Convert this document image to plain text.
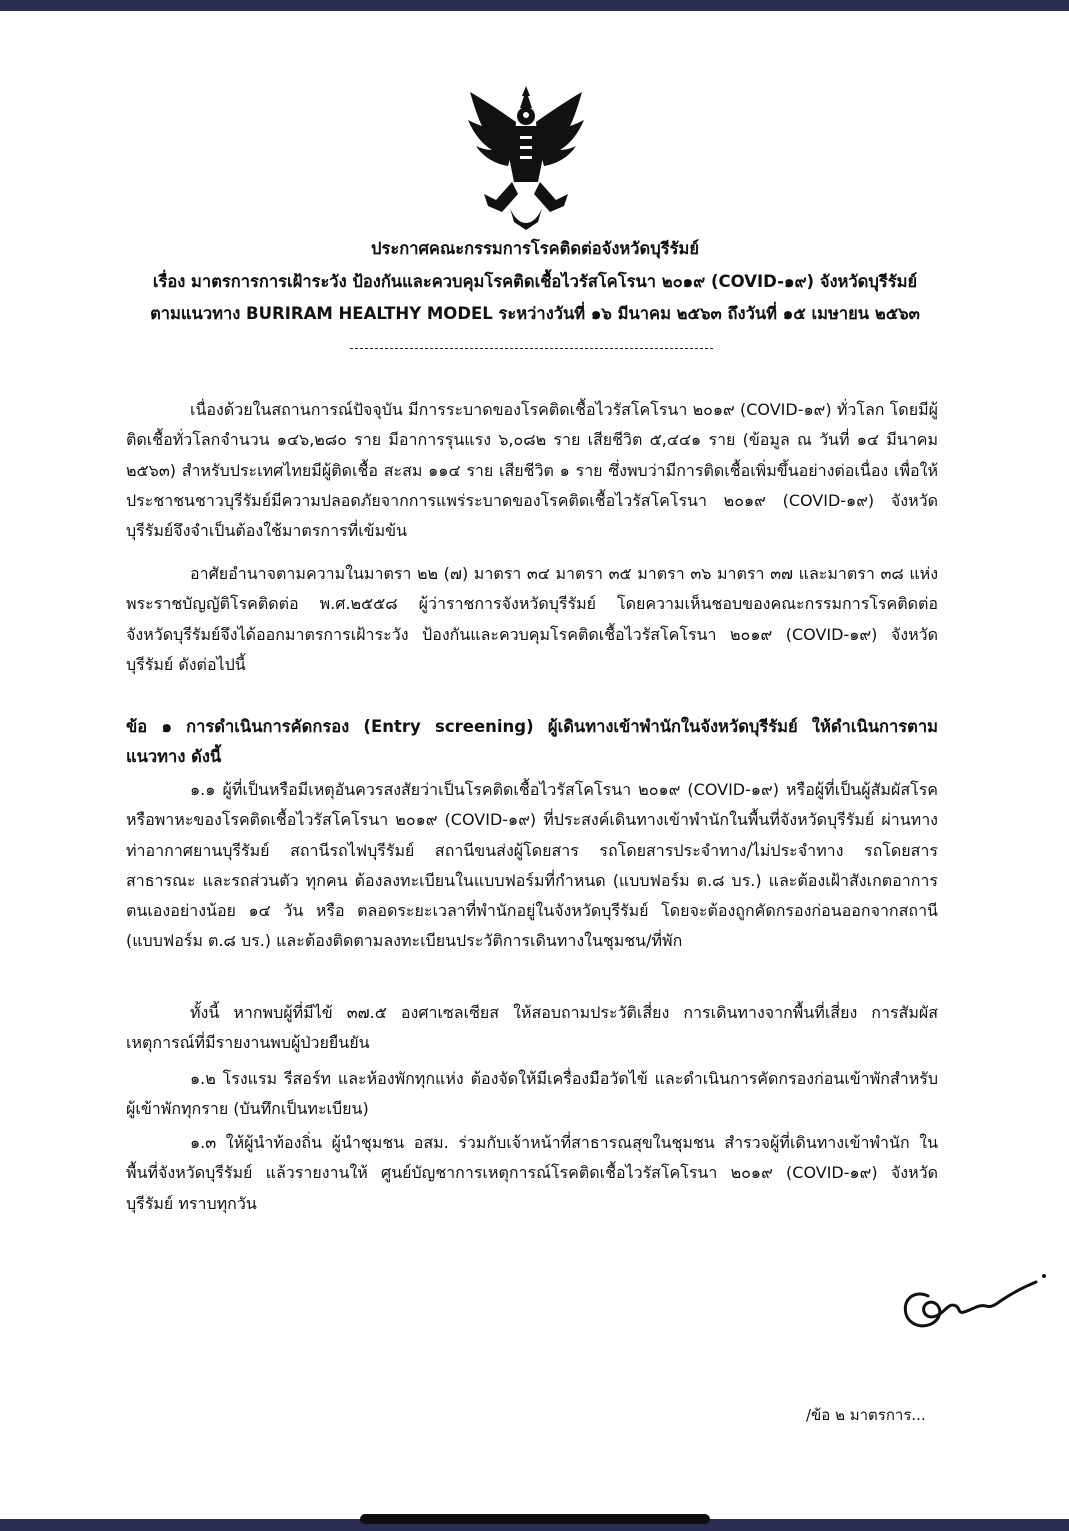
ประกาศคณะกรรมการโรคติดต่อจังหวัดบุรีรัมย์
เรื่อง มาตรการการเฝ้าระวัง ป้องกันและควบคุมโรคติดเชื้อไวรัสโคโรนา ๒๐๑๙ (COVID-๑๙) จังหวัดบุรีรัมย์
ตามแนวทาง BURIRAM HEALTHY MODEL ระหว่างวันที่ ๑๖ มีนาคม ๒๕๖๓ ถึงวันที่ ๑๕ เมษายน ๒๕๖๓

เนื่องด้วยในสถานการณ์ปัจจุบัน มีการระบาดของโรคติดเชื้อไวรัสโคโรนา ๒๐๑๙ (COVID-๑๙) ทั่วโลก โดยมีผู้ติดเชื้อทั่วโลกจำนวน ๑๔๖,๒๘๐ ราย มีอาการรุนแรง ๖,๐๘๒ ราย เสียชีวิต ๕,๔๔๑ ราย (ข้อมูล ณ วันที่ ๑๔ มีนาคม ๒๕๖๓) สำหรับประเทศไทยมีผู้ติดเชื้อ สะสม ๑๑๔ ราย เสียชีวิต ๑ ราย ซึ่งพบว่ามีการติดเชื้อเพิ่มขึ้นอย่างต่อเนื่อง เพื่อให้ประชาชนชาวบุรีรัมย์มีความปลอดภัยจากการแพร่ระบาดของโรคติดเชื้อไวรัสโคโรนา ๒๐๑๙ (COVID-๑๙) จังหวัดบุรีรัมย์จึงจำเป็นต้องใช้มาตรการที่เข้มข้น

อาศัยอำนาจตามความในมาตรา ๒๒ (๗) มาตรา ๓๔ มาตรา ๓๕ มาตรา ๓๖ มาตรา ๓๗ และมาตรา ๓๘ แห่งพระราชบัญญัติโรคติดต่อ พ.ศ.๒๕๕๘ ผู้ว่าราชการจังหวัดบุรีรัมย์ โดยความเห็นชอบของคณะกรรมการโรคติดต่อ จังหวัดบุรีรัมย์จึงได้ออกมาตรการเฝ้าระวัง ป้องกันและควบคุมโรคติดเชื้อไวรัสโคโรนา ๒๐๑๙ (COVID-๑๙) จังหวัดบุรีรัมย์ ดังต่อไปนี้

ข้อ ๑ การดำเนินการคัดกรอง (Entry screening) ผู้เดินทางเข้าพำนักในจังหวัดบุรีรัมย์ ให้ดำเนินการตามแนวทาง ดังนี้

๑.๑ ผู้ที่เป็นหรือมีเหตุอันควรสงสัยว่าเป็นโรคติดเชื้อไวรัสโคโรนา ๒๐๑๙ (COVID-๑๙) หรือผู้ที่เป็นผู้สัมผัสโรคหรือพาหะของโรคติดเชื้อไวรัสโคโรนา ๒๐๑๙ (COVID-๑๙) ที่ประสงค์เดินทางเข้าพำนักในพื้นที่จังหวัดบุรีรัมย์ ผ่านทางท่าอากาศยานบุรีรัมย์ สถานีรถไฟบุรีรัมย์ สถานีขนส่งผู้โดยสาร รถโดยสารประจำทาง/ไม่ประจำทาง รถโดยสารสาธารณะ และรถส่วนตัว ทุกคน ต้องลงทะเบียนในแบบฟอร์มที่กำหนด (แบบฟอร์ม ต.๘ บร.) และต้องเฝ้าสังเกตอาการตนเองอย่างน้อย ๑๔ วัน หรือ ตลอดระยะเวลาที่พำนักอยู่ในจังหวัดบุรีรัมย์ โดยจะต้องถูกคัดกรองก่อนออกจากสถานี (แบบฟอร์ม ต.๘ บร.) และต้องติดตามลงทะเบียนประวัติการเดินทางในชุมชน/ที่พัก

ทั้งนี้ หากพบผู้ที่มีไข้ ๓๗.๕ องศาเซลเซียส ให้สอบถามประวัติเสี่ยง การเดินทางจากพื้นที่เสี่ยง การสัมผัสเหตุการณ์ที่มีรายงานพบผู้ป่วยยืนยัน

๑.๒ โรงแรม รีสอร์ท และห้องพักทุกแห่ง ต้องจัดให้มีเครื่องมือวัดไข้ และดำเนินการคัดกรองก่อนเข้าพักสำหรับผู้เข้าพักทุกราย (บันทึกเป็นทะเบียน)

๑.๓ ให้ผู้นำท้องถิ่น ผู้นำชุมชน อสม. ร่วมกับเจ้าหน้าที่สาธารณสุขในชุมชน สำรวจผู้ที่เดินทางเข้าพำนัก ในพื้นที่จังหวัดบุรีรัมย์ แล้วรายงานให้ ศูนย์บัญชาการเหตุการณ์โรคติดเชื้อไวรัสโคโรนา ๒๐๑๙ (COVID-๑๙) จังหวัดบุรีรัมย์ ทราบทุกวัน

/ข้อ ๒ มาตรการ...
